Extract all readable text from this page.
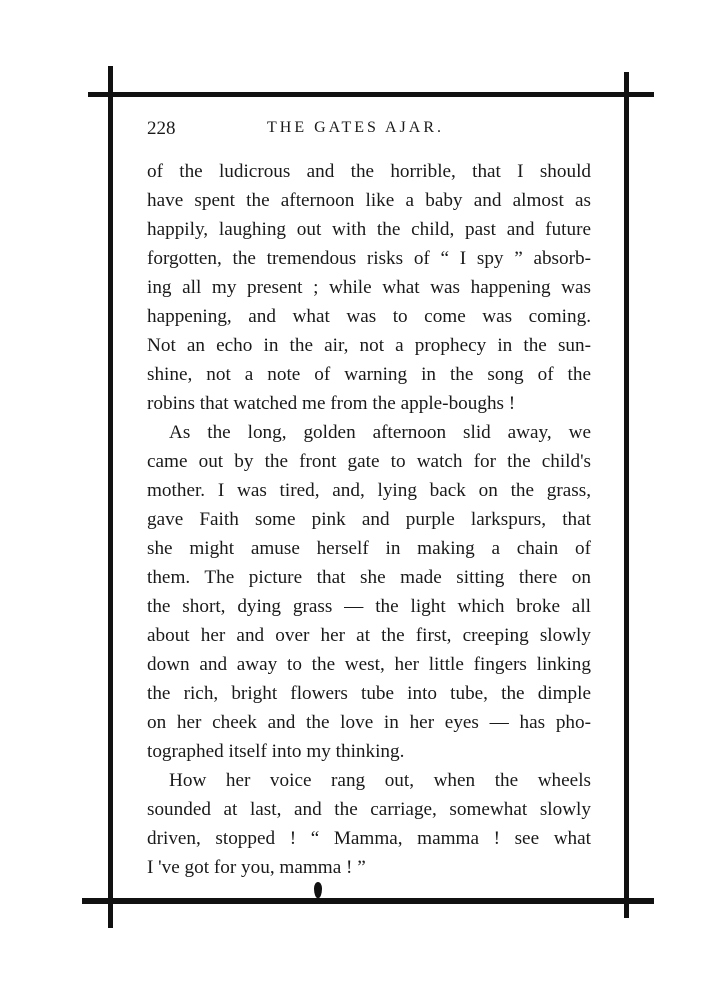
228	THE GATES AJAR.
of the ludicrous and the horrible, that I should
have spent the afternoon like a baby and almost as
happily, laughing out with the child, past and future
forgotten, the tremendous risks of “ I spy ” absorb-
ing all my present ; while what was happening was
happening, and what was to come was coming.
Not an echo in the air, not a prophecy in the sun-
shine, not a note of warning in the song of the
robins that watched me from the apple-boughs !
As the long, golden afternoon slid away, we
came out by the front gate to watch for the child's
mother. I was tired, and, lying back on the grass,
gave Faith some pink and purple larkspurs, that
she might amuse herself in making a chain of
them. The picture that she made sitting there on
the short, dying grass — the light which broke all
about her and over her at the first, creeping slowly
down and away to the west, her little fingers linking
the rich, bright flowers tube into tube, the dimple
on her cheek and the love in her eyes — has pho-
tographed itself into my thinking.
How her voice rang out, when the wheels
sounded at last, and the carriage, somewhat slowly
driven, stopped ! “ Mamma, mamma ! see what
I 've got for you, mamma ! ”
